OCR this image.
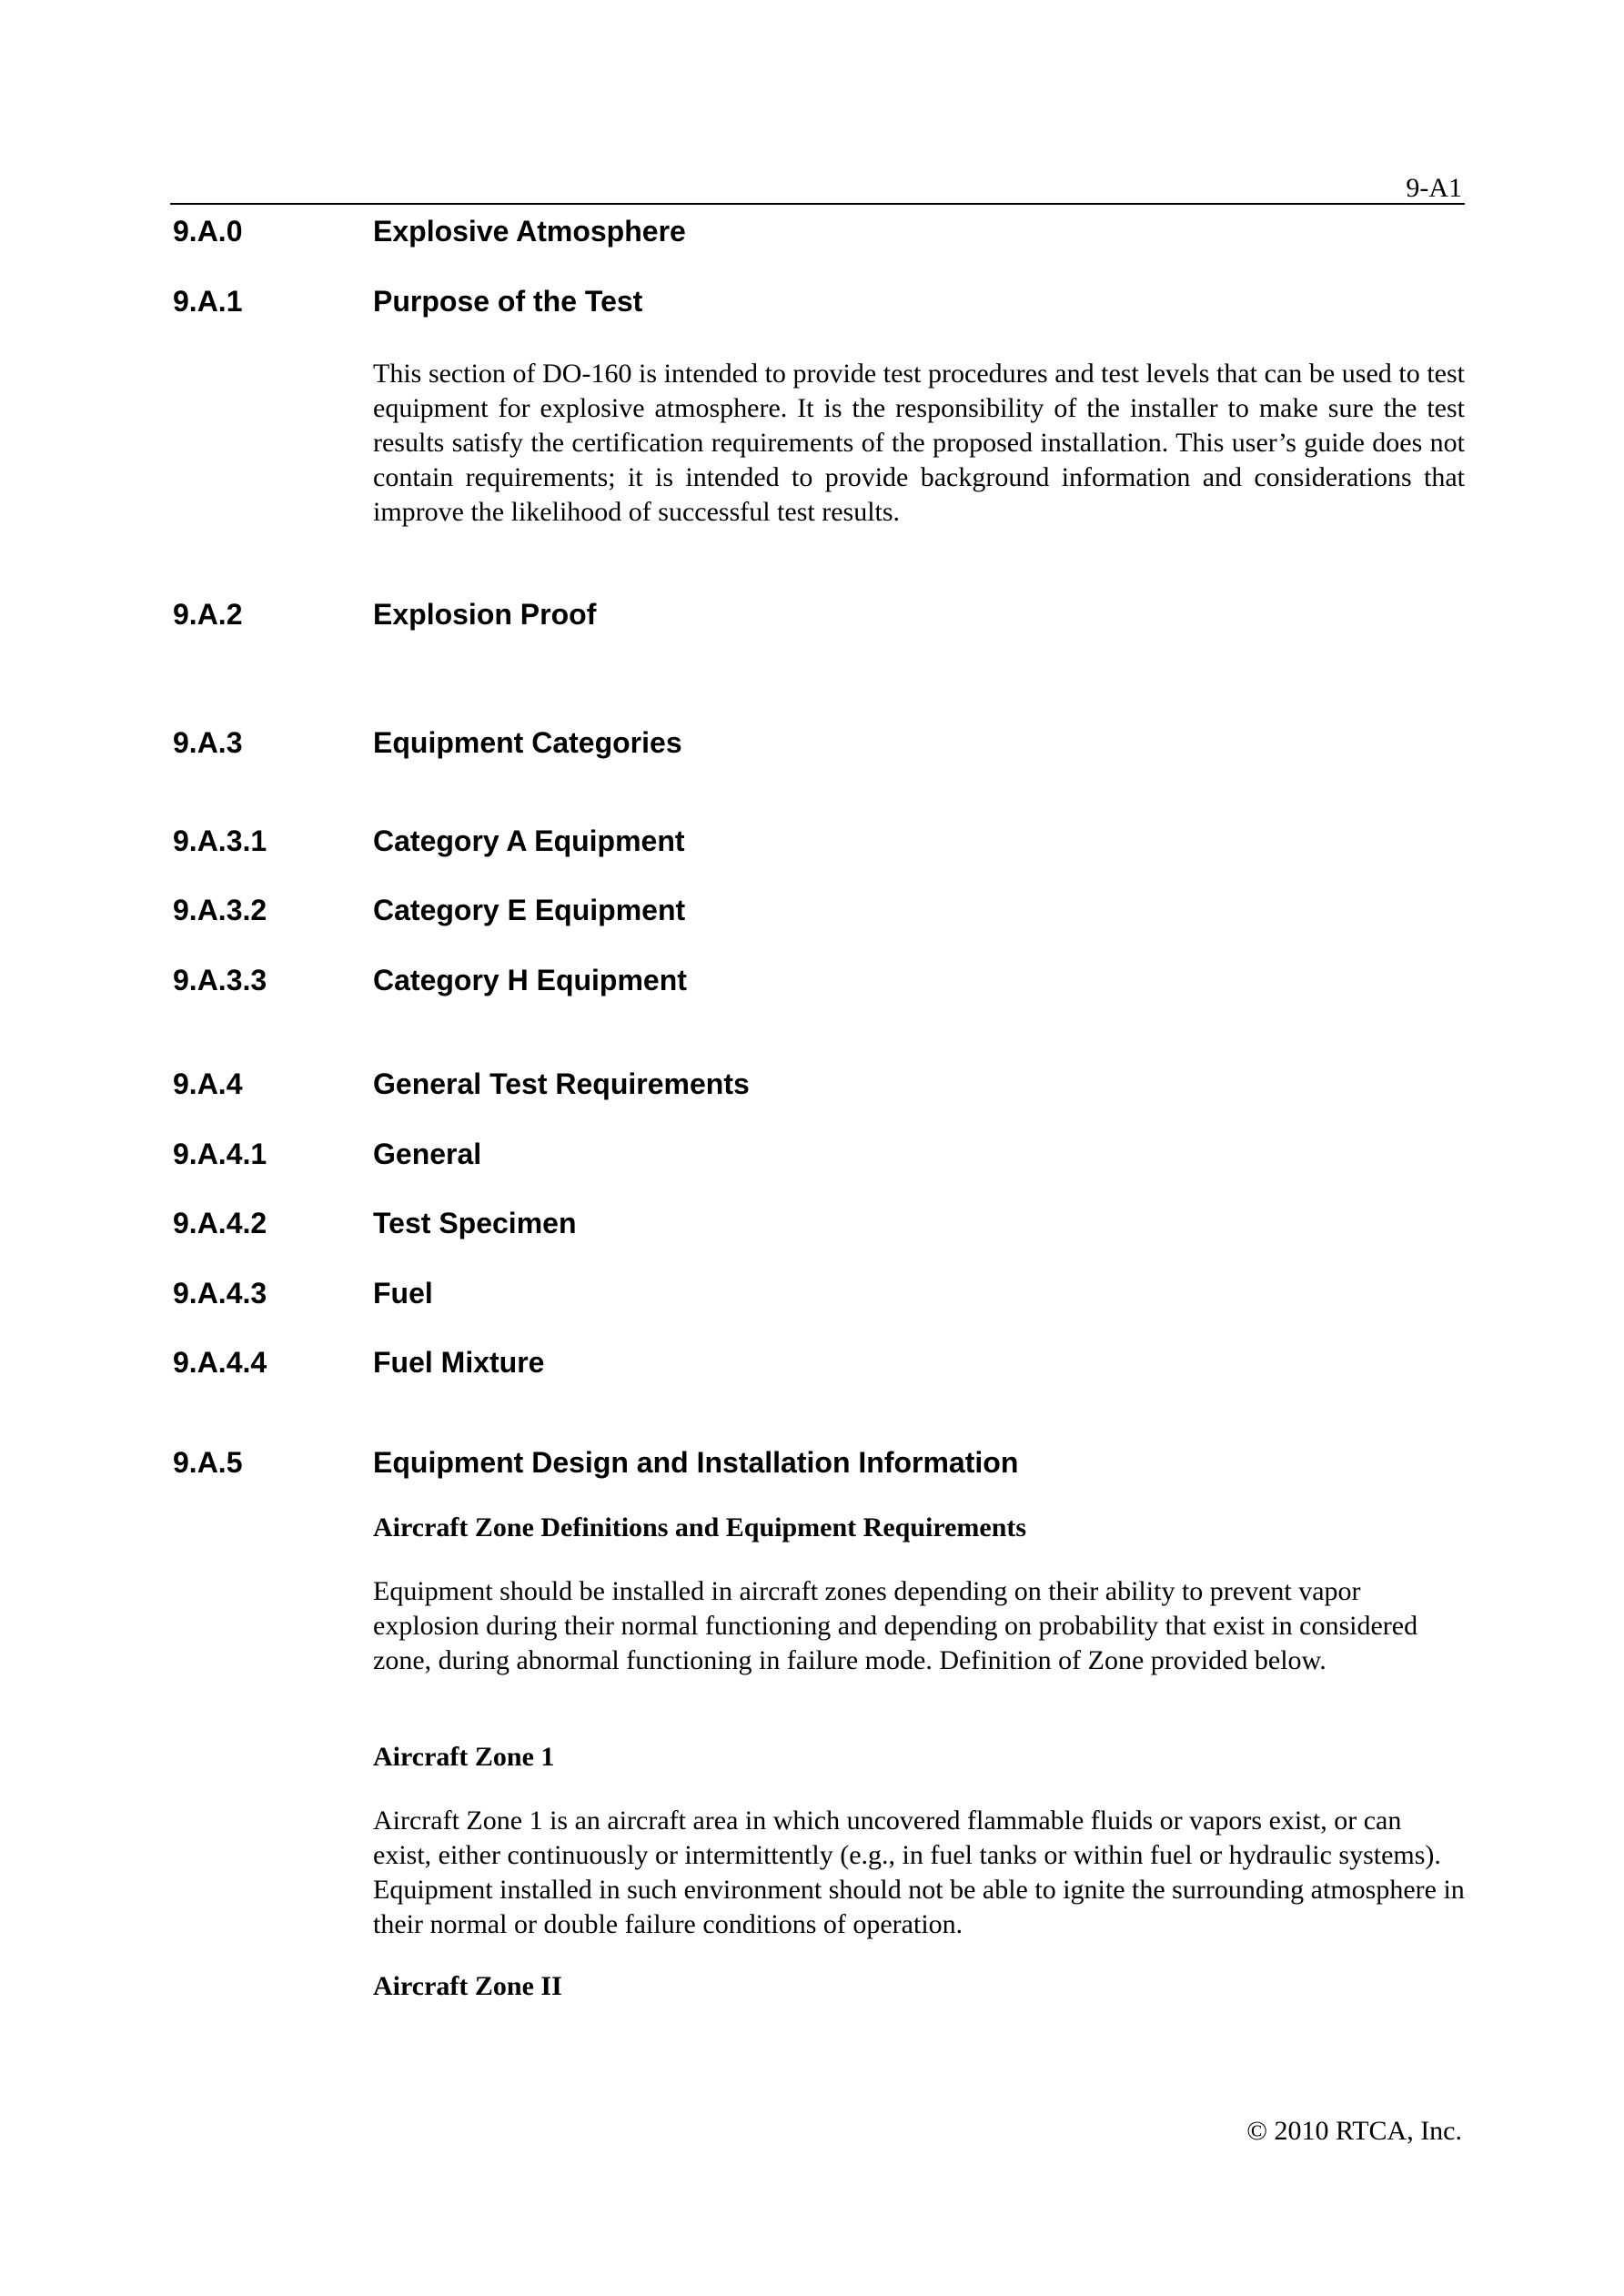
9-A1
9.A.0	Explosive Atmosphere
9.A.1	Purpose of the Test
This section of DO-160 is intended to provide test procedures and test levels that can be used to test equipment for explosive atmosphere. It is the responsibility of the installer to make sure the test results satisfy the certification requirements of the proposed installation. This user’s guide does not contain requirements; it is intended to provide background information and considerations that improve the likelihood of successful test results.
9.A.2	Explosion Proof
9.A.3	Equipment Categories
9.A.3.1	Category A Equipment
9.A.3.2	Category E Equipment
9.A.3.3	Category H Equipment
9.A.4	General Test Requirements
9.A.4.1	General
9.A.4.2	Test Specimen
9.A.4.3	Fuel
9.A.4.4	Fuel Mixture
9.A.5	Equipment Design and Installation Information
Aircraft Zone Definitions and Equipment Requirements
Equipment should be installed in aircraft zones depending on their ability to prevent vapor explosion during their normal functioning and depending on probability that exist in considered zone, during abnormal functioning in failure mode. Definition of Zone provided below.
Aircraft Zone 1
Aircraft Zone 1 is an aircraft area in which uncovered flammable fluids or vapors exist, or can exist, either continuously or intermittently (e.g., in fuel tanks or within fuel or hydraulic systems). Equipment installed in such environment should not be able to ignite the surrounding atmosphere in their normal or double failure conditions of operation.
Aircraft Zone II
© 2010 RTCA, Inc.
